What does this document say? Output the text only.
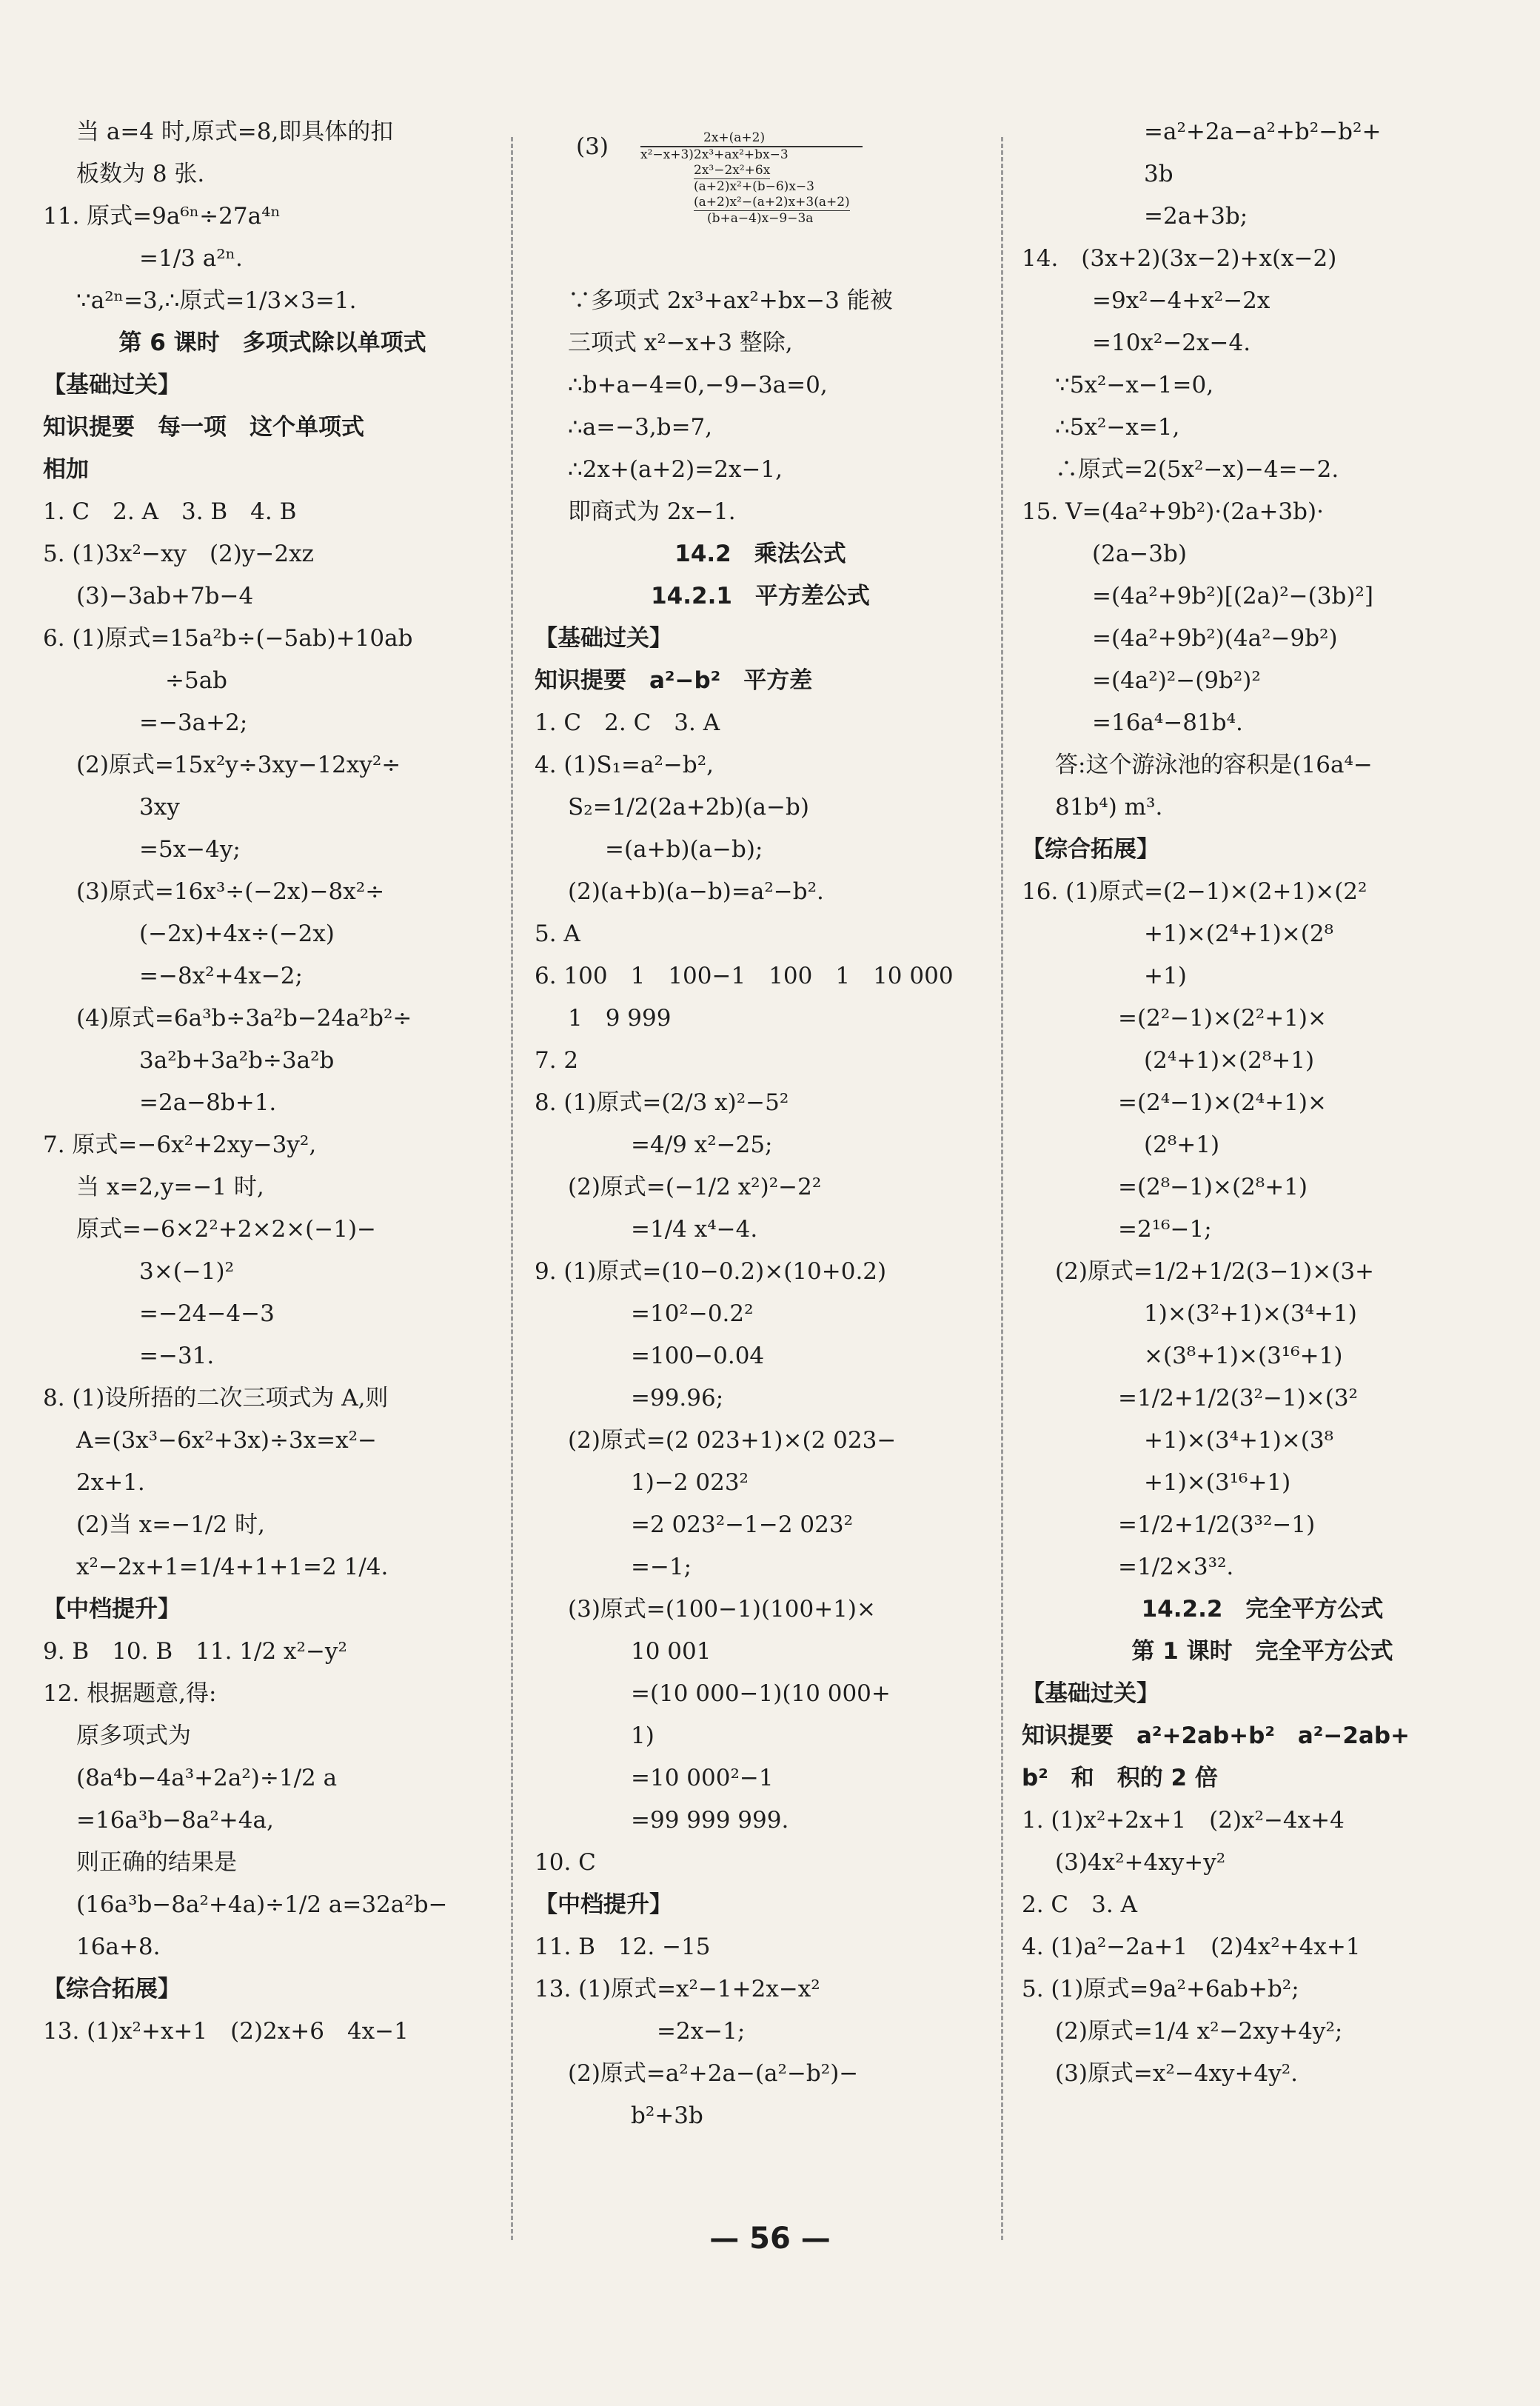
当 a=4 时,原式=8,即具体的扣
板数为 8 张.
11. 原式=9a⁶ⁿ÷27a⁴ⁿ
=1/3 a²ⁿ.
∵a²ⁿ=3,∴原式=1/3×3=1.
第 6 课时　多项式除以单项式
【基础过关】
知识提要　每一项　这个单项式
相加
1. C　2. A　3. B　4. B
5. (1)3x²−xy　(2)y−2xz
(3)−3ab+7b−4
6. (1)原式=15a²b÷(−5ab)+10ab
÷5ab
=−3a+2;
(2)原式=15x²y÷3xy−12xy²÷
3xy
=5x−4y;
(3)原式=16x³÷(−2x)−8x²÷
(−2x)+4x÷(−2x)
=−8x²+4x−2;
(4)原式=6a³b÷3a²b−24a²b²÷
3a²b+3a²b÷3a²b
=2a−8b+1.
7. 原式=−6x²+2xy−3y²,
当 x=2,y=−1 时,
原式=−6×2²+2×2×(−1)−
3×(−1)²
=−24−4−3
=−31.
8. (1)设所捂的二次三项式为 A,则
A=(3x³−6x²+3x)÷3x=x²−
2x+1.
(2)当 x=−1/2 时,
x²−2x+1=1/4+1+1=2 1/4.
【中档提升】
9. B　10. B　11. 1/2 x²−y²
12. 根据题意,得:
原多项式为
(8a⁴b−4a³+2a²)÷1/2 a
=16a³b−8a²+4a,
则正确的结果是
(16a³b−8a²+4a)÷1/2 a=32a²b−
16a+8.
【综合拓展】
13. (1)x²+x+1　(2)2x+6　4x−1
(3)	2x+(a+2)
x²−x+3)2x³+ax²+bx−3
2x³−2x²+6x
(a+2)x²+(b−6)x−3
(a+2)x²−(a+2)x+3(a+2)
(b+a−4)x−9−3a
∵多项式 2x³+ax²+bx−3 能被
三项式 x²−x+3 整除,
∴b+a−4=0,−9−3a=0,
∴a=−3,b=7,
∴2x+(a+2)=2x−1,
即商式为 2x−1.
14.2　乘法公式
14.2.1　平方差公式
【基础过关】
知识提要　a²−b²　平方差
1. C　2. C　3. A
4. (1)S₁=a²−b²,
S₂=1/2(2a+2b)(a−b)
=(a+b)(a−b);
(2)(a+b)(a−b)=a²−b².
5. A
6. 100　1　100−1　100　1　10 000
1　9 999
7. 2
8. (1)原式=(2/3 x)²−5²
=4/9 x²−25;
(2)原式=(−1/2 x²)²−2²
=1/4 x⁴−4.
9. (1)原式=(10−0.2)×(10+0.2)
=10²−0.2²
=100−0.04
=99.96;
(2)原式=(2 023+1)×(2 023−
1)−2 023²
=2 023²−1−2 023²
=−1;
(3)原式=(100−1)(100+1)×
10 001
=(10 000−1)(10 000+
1)
=10 000²−1
=99 999 999.
10. C
【中档提升】
11. B　12. −15
13. (1)原式=x²−1+2x−x²
=2x−1;
(2)原式=a²+2a−(a²−b²)−
b²+3b
=a²+2a−a²+b²−b²+
3b
=2a+3b;
14.　(3x+2)(3x−2)+x(x−2)
=9x²−4+x²−2x
=10x²−2x−4.
∵5x²−x−1=0,
∴5x²−x=1,
∴原式=2(5x²−x)−4=−2.
15. V=(4a²+9b²)·(2a+3b)·
(2a−3b)
=(4a²+9b²)[(2a)²−(3b)²]
=(4a²+9b²)(4a²−9b²)
=(4a²)²−(9b²)²
=16a⁴−81b⁴.
答:这个游泳池的容积是(16a⁴−
81b⁴) m³.
【综合拓展】
16. (1)原式=(2−1)×(2+1)×(2²
+1)×(2⁴+1)×(2⁸
+1)
=(2²−1)×(2²+1)×
(2⁴+1)×(2⁸+1)
=(2⁴−1)×(2⁴+1)×
(2⁸+1)
=(2⁸−1)×(2⁸+1)
=2¹⁶−1;
(2)原式=1/2+1/2(3−1)×(3+
1)×(3²+1)×(3⁴+1)
×(3⁸+1)×(3¹⁶+1)
=1/2+1/2(3²−1)×(3²
+1)×(3⁴+1)×(3⁸
+1)×(3¹⁶+1)
=1/2+1/2(3³²−1)
=1/2×3³².
14.2.2　完全平方公式
第 1 课时　完全平方公式
【基础过关】
知识提要　a²+2ab+b²　a²−2ab+
b²　和　积的 2 倍
1. (1)x²+2x+1　(2)x²−4x+4
(3)4x²+4xy+y²
2. C　3. A
4. (1)a²−2a+1　(2)4x²+4x+1
5. (1)原式=9a²+6ab+b²;
(2)原式=1/4 x²−2xy+4y²;
(3)原式=x²−4xy+4y².
— 56 —
